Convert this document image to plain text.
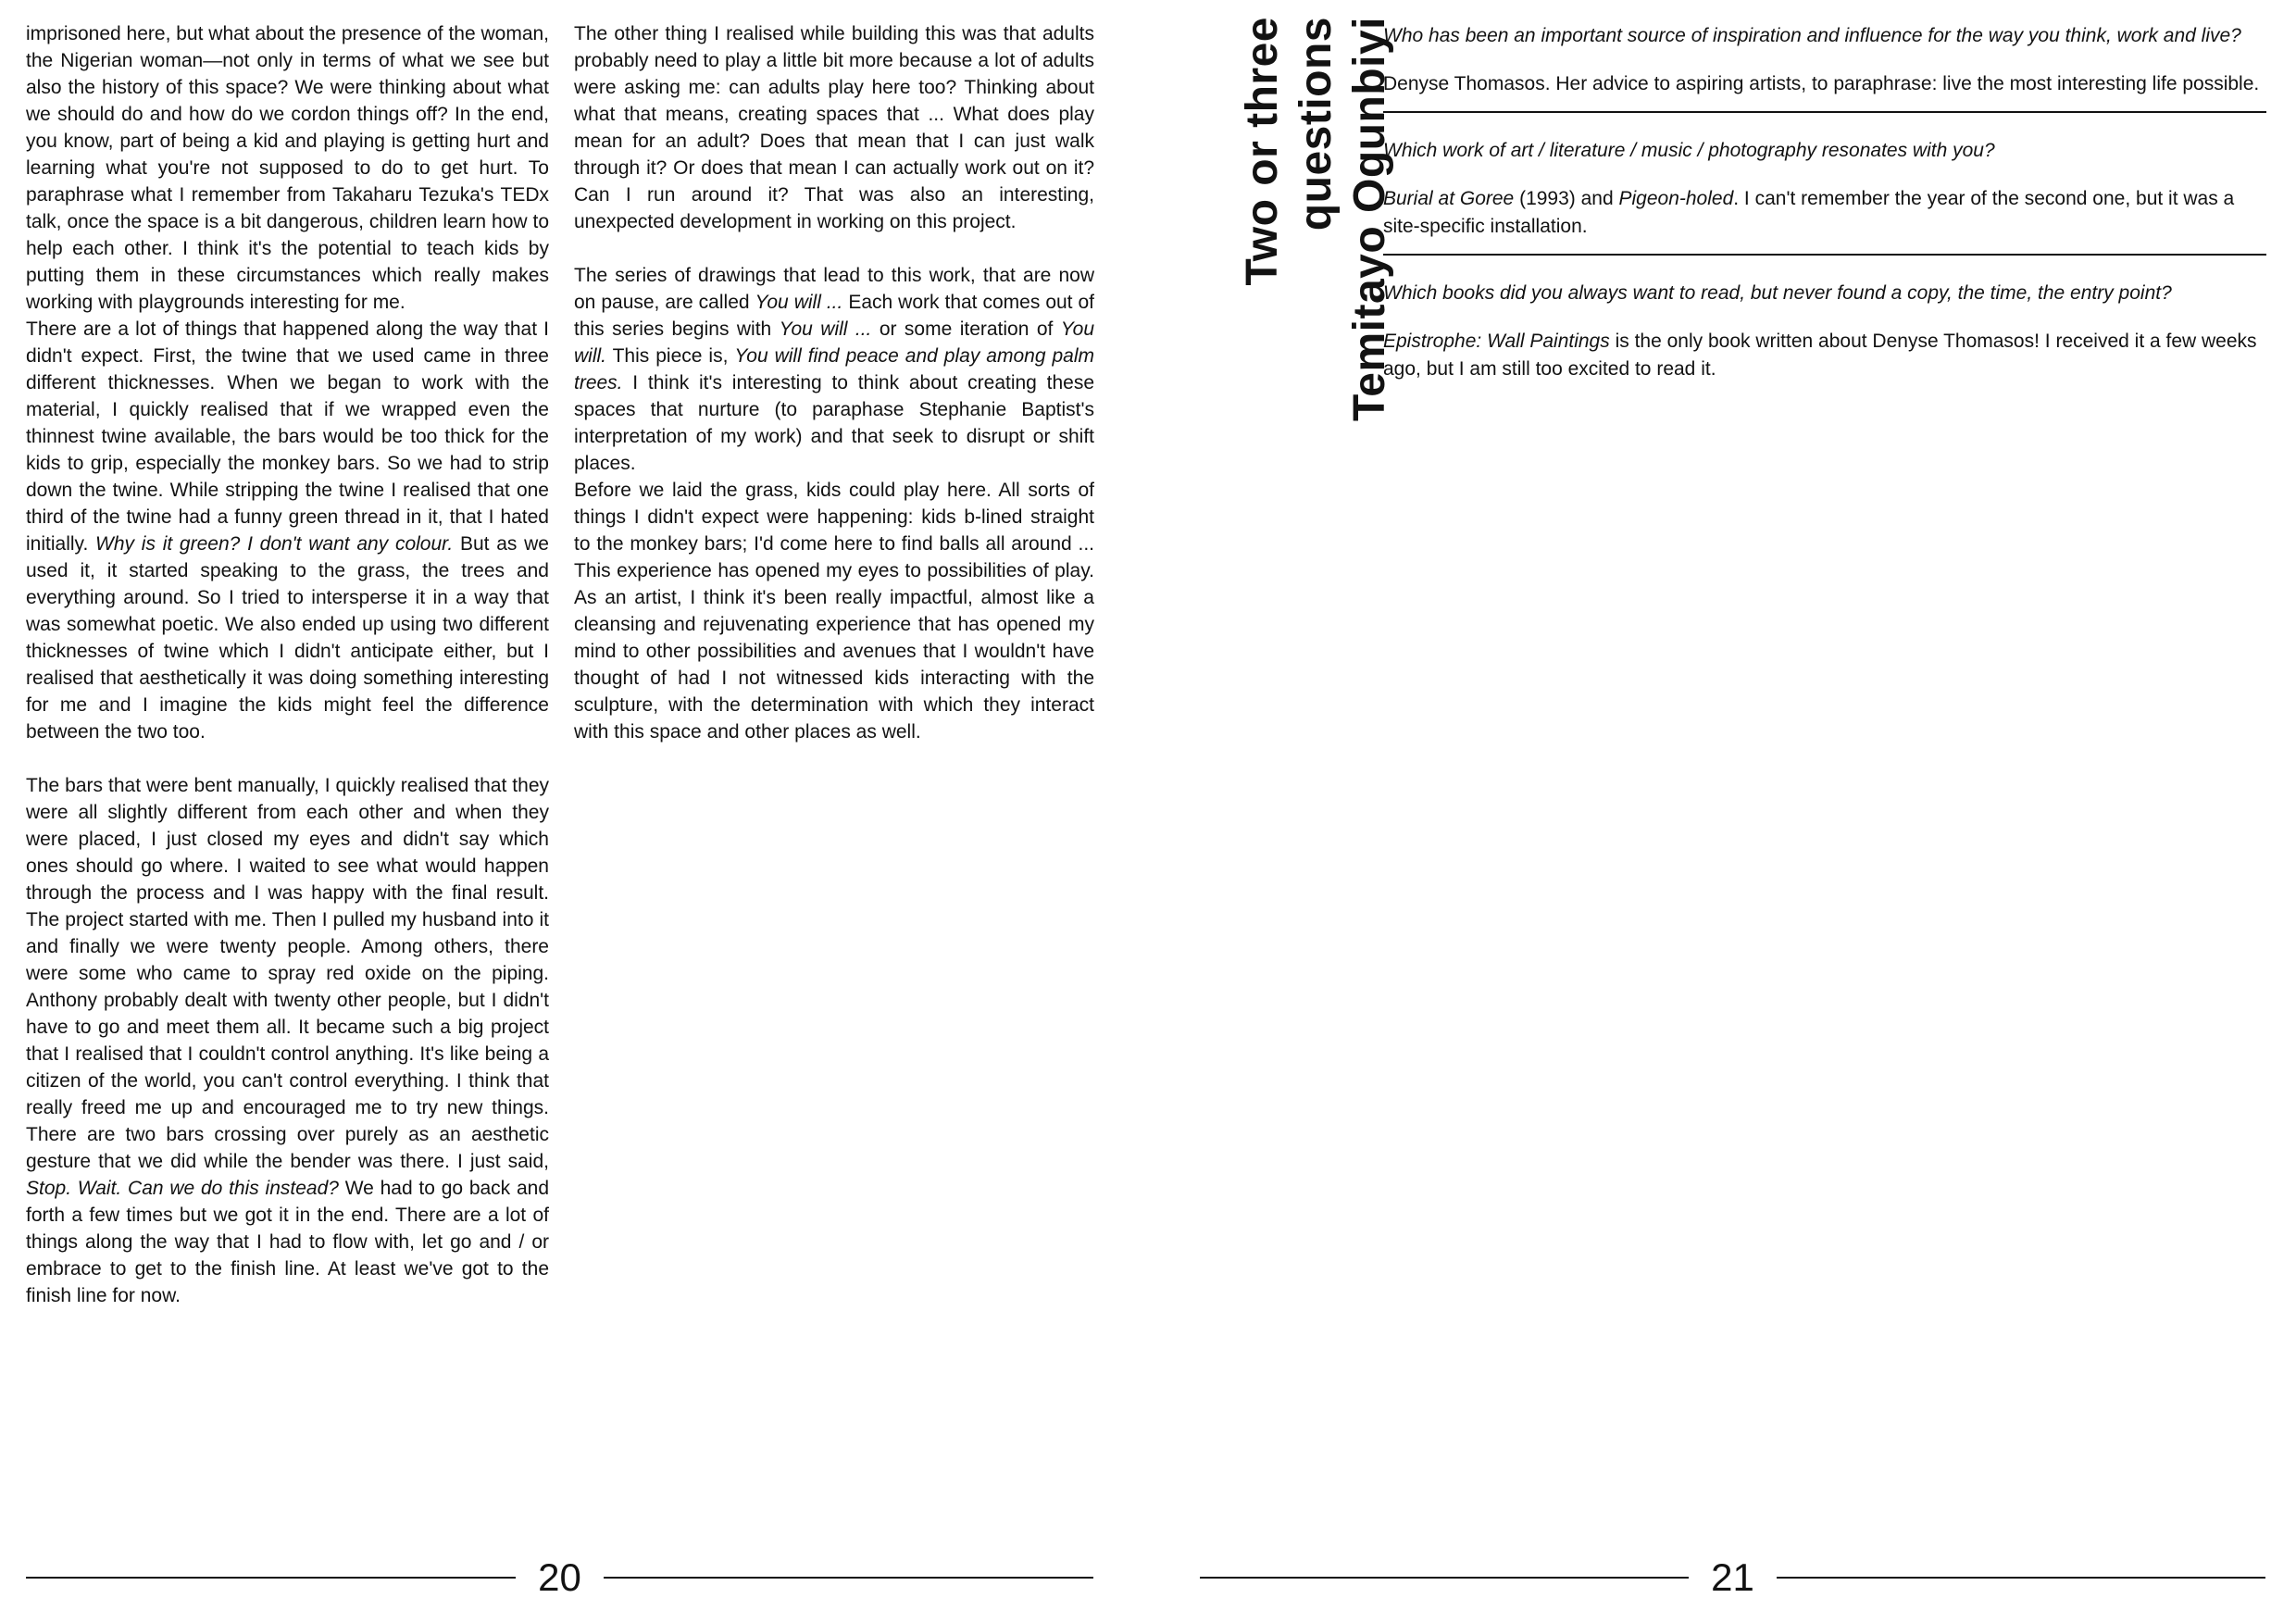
imprisoned here, but what about the presence of the woman, the Nigerian woman—not only in terms of what we see but also the history of this space? We were thinking about what we should do and how do we cordon things off? In the end, you know, part of being a kid and playing is getting hurt and learning what you're not supposed to do to get hurt. To paraphrase what I remember from Takaharu Tezuka's TEDx talk, once the space is a bit dangerous, children learn how to help each other. I think it's the potential to teach kids by putting them in these circumstances which really makes working with playgrounds interesting for me.

There are a lot of things that happened along the way that I didn't expect. First, the twine that we used came in three different thicknesses. When we began to work with the material, I quickly realised that if we wrapped even the thinnest twine available, the bars would be too thick for the kids to grip, especially the monkey bars. So we had to strip down the twine. While stripping the twine I realised that one third of the twine had a funny green thread in it, that I hated initially. Why is it green? I don't want any colour. But as we used it, it started speaking to the grass, the trees and everything around. So I tried to intersperse it in a way that was somewhat poetic. We also ended up using two different thicknesses of twine which I didn't anticipate either, but I realised that aesthetically it was doing something interesting for me and I imagine the kids might feel the difference between the two too.

The bars that were bent manually, I quickly realised that they were all slightly different from each other and when they were placed, I just closed my eyes and didn't say which ones should go where. I waited to see what would happen through the process and I was happy with the final result. The project started with me. Then I pulled my husband into it and finally we were twenty people. Among others, there were some who came to spray red oxide on the piping. Anthony probably dealt with twenty other people, but I didn't have to go and meet them all. It became such a big project that I realised that I couldn't control anything. It's like being a citizen of the world, you can't control everything. I think that really freed me up and encouraged me to try new things. There are two bars crossing over purely as an aesthetic gesture that we did while the bender was there. I just said, Stop. Wait. Can we do this instead? We had to go back and forth a few times but we got it in the end. There are a lot of things along the way that I had to flow with, let go and / or embrace to get to the finish line. At least we've got to the finish line for now.

The other thing I realised while building this was that adults probably need to play a little bit more because a lot of adults were asking me: can adults play here too? Thinking about what that means, creating spaces that ... What does play mean for an adult? Does that mean that I can just walk through it? Or does that mean I can actually work out on it? Can I run around it? That was also an interesting, unexpected development in working on this project.

The series of drawings that lead to this work, that are now on pause, are called You will ... Each work that comes out of this series begins with You will ... or some iteration of You will. This piece is, You will find peace and play among palm trees. I think it's interesting to think about creating these spaces that nurture (to paraphase Stephanie Baptist's interpretation of my work) and that seek to disrupt or shift places.

Before we laid the grass, kids could play here. All sorts of things I didn't expect were happening: kids b-lined straight to the monkey bars; I'd come here to find balls all around ... This experience has opened my eyes to possibilities of play. As an artist, I think it's been really impactful, almost like a cleansing and rejuvenating experience that has opened my mind to other possibilities and avenues that I wouldn't have thought of had I not witnessed kids interacting with the sculpture, with the determination with which they interact with this space and other places as well.

Two or three questions Temitayo Ogunbiyi

Who has been an important source of inspiration and influence for the way you think, work and live?

Denyse Thomasos. Her advice to aspiring artists, to paraphrase: live the most interesting life possible.

Which work of art / literature / music / photography resonates with you?

Burial at Goree (1993) and Pigeon-holed. I can't remember the year of the second one, but it was a site-specific installation.

Which books did you always want to read, but never found a copy, the time, the entry point?

Epistrophe: Wall Paintings is the only book written about Denyse Thomasos! I received it a few weeks ago, but I am still too excited to read it.

20	21
